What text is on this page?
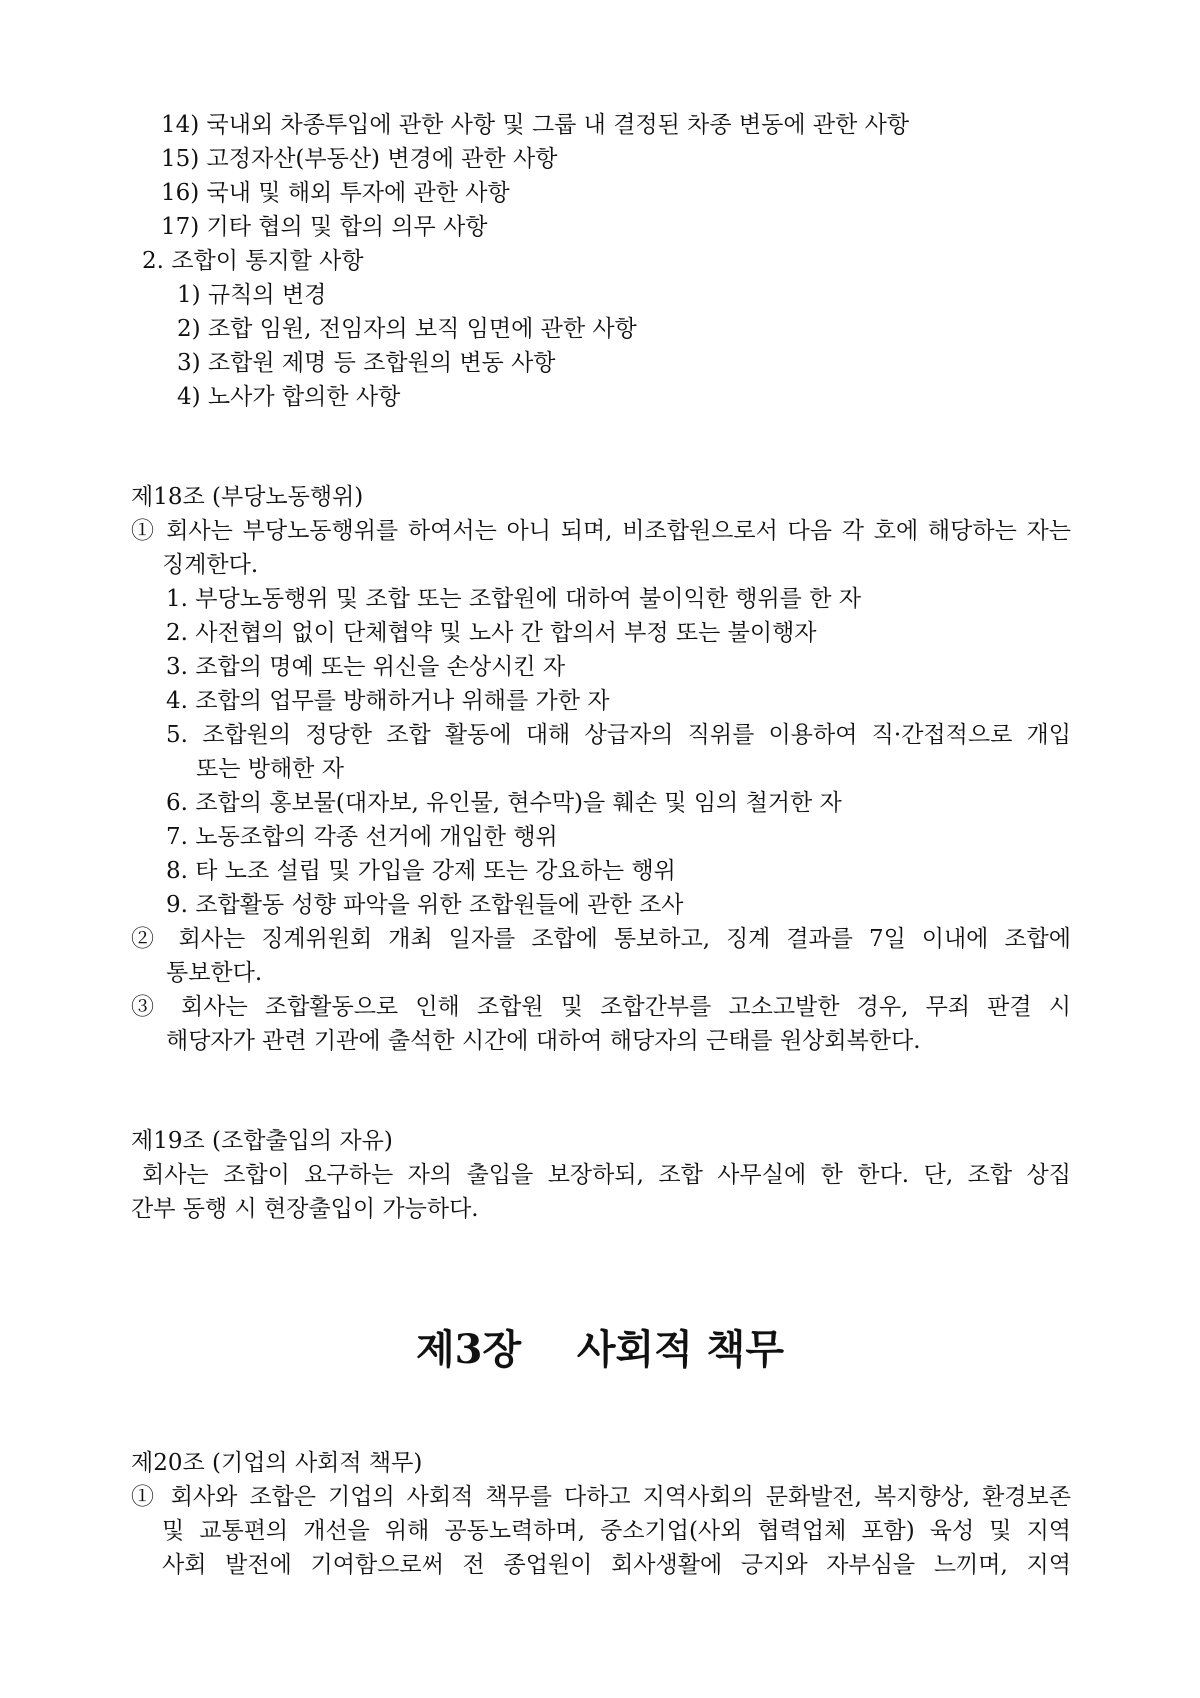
14) 국내외 차종투입에 관한 사항 및 그룹 내 결정된 차종 변동에 관한 사항
15) 고정자산(부동산) 변경에 관한 사항
16) 국내 및 해외 투자에 관한 사항
17) 기타 협의 및 합의 의무 사항
2. 조합이 통지할 사항
1) 규칙의 변경
2) 조합 임원, 전임자의 보직 임면에 관한 사항
3) 조합원 제명 등 조합원의 변동 사항
4) 노사가 합의한 사항
제18조 (부당노동행위)
① 회사는 부당노동행위를 하여서는 아니 되며, 비조합원으로서 다음 각 호에 해당하는 자는
징계한다.
1. 부당노동행위 및 조합 또는 조합원에 대하여 불이익한 행위를 한 자
2. 사전협의 없이 단체협약 및 노사 간 합의서 부정 또는 불이행자
3. 조합의 명예 또는 위신을 손상시킨 자
4. 조합의 업무를 방해하거나 위해를 가한 자
5. 조합원의 정당한 조합 활동에 대해 상급자의 직위를 이용하여 직·간접적으로 개입
또는 방해한 자
6. 조합의 홍보물(대자보, 유인물, 현수막)을 훼손 및 임의 철거한 자
7. 노동조합의 각종 선거에 개입한 행위
8. 타 노조 설립 및 가입을 강제 또는 강요하는 행위
9. 조합활동 성향 파악을 위한 조합원들에 관한 조사
② 회사는 징계위원회 개최 일자를 조합에 통보하고, 징계 결과를 7일 이내에 조합에
통보한다.
③ 회사는 조합활동으로 인해 조합원 및 조합간부를 고소고발한 경우, 무죄 판결 시
해당자가 관련 기관에 출석한 시간에 대하여 해당자의 근태를 원상회복한다.
제19조 (조합출입의 자유)
회사는 조합이 요구하는 자의 출입을 보장하되, 조합 사무실에 한 한다. 단, 조합 상집
간부 동행 시 현장출입이 가능하다.
제3장    사회적 책무
제20조 (기업의 사회적 책무)
① 회사와 조합은 기업의 사회적 책무를 다하고 지역사회의 문화발전, 복지향상, 환경보존
및 교통편의 개선을 위해 공동노력하며, 중소기업(사외 협력업체 포함) 육성 및 지역
사회 발전에 기여함으로써 전 종업원이 회사생활에 긍지와 자부심을 느끼며, 지역
